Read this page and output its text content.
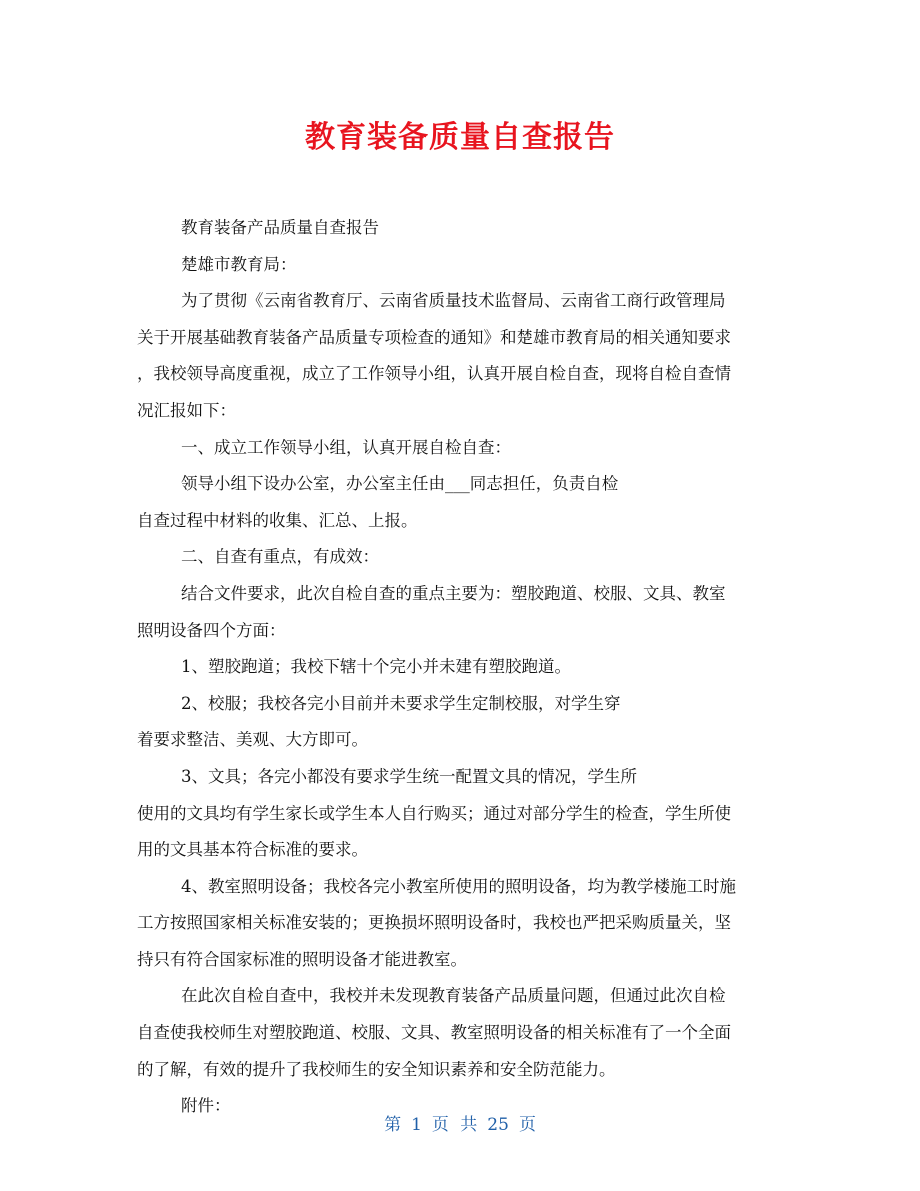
教育装备质量自查报告
教育装备产品质量自查报告
楚雄市教育局：
为了贯彻《云南省教育厅、云南省质量技术监督局、云南省工商行政管理局
关于开展基础教育装备产品质量专项检查的通知》和楚雄市教育局的相关通知要求
，我校领导高度重视，成立了工作领导小组，认真开展自检自查，现将自检自查情
况汇报如下：
一、成立工作领导小组，认真开展自检自查：
领导小组下设办公室，办公室主任由___同志担任，负责自检
自查过程中材料的收集、汇总、上报。
二、自查有重点，有成效：
结合文件要求，此次自检自查的重点主要为：塑胶跑道、校服、文具、教室
照明设备四个方面：
1、塑胶跑道；我校下辖十个完小并未建有塑胶跑道。
2、校服；我校各完小目前并未要求学生定制校服，对学生穿
着要求整洁、美观、大方即可。
3、文具；各完小都没有要求学生统一配置文具的情况，学生所
使用的文具均有学生家长或学生本人自行购买；通过对部分学生的检查，学生所使
用的文具基本符合标准的要求。
4、教室照明设备；我校各完小教室所使用的照明设备，均为教学楼施工时施
工方按照国家相关标准安装的；更换损坏照明设备时，我校也严把采购质量关，坚
持只有符合国家标准的照明设备才能进教室。
在此次自检自查中，我校并未发现教育装备产品质量问题，但通过此次自检
自查使我校师生对塑胶跑道、校服、文具、教室照明设备的相关标准有了一个全面
的了解，有效的提升了我校师生的安全知识素养和安全防范能力。
附件：
第 1 页 共 25 页
